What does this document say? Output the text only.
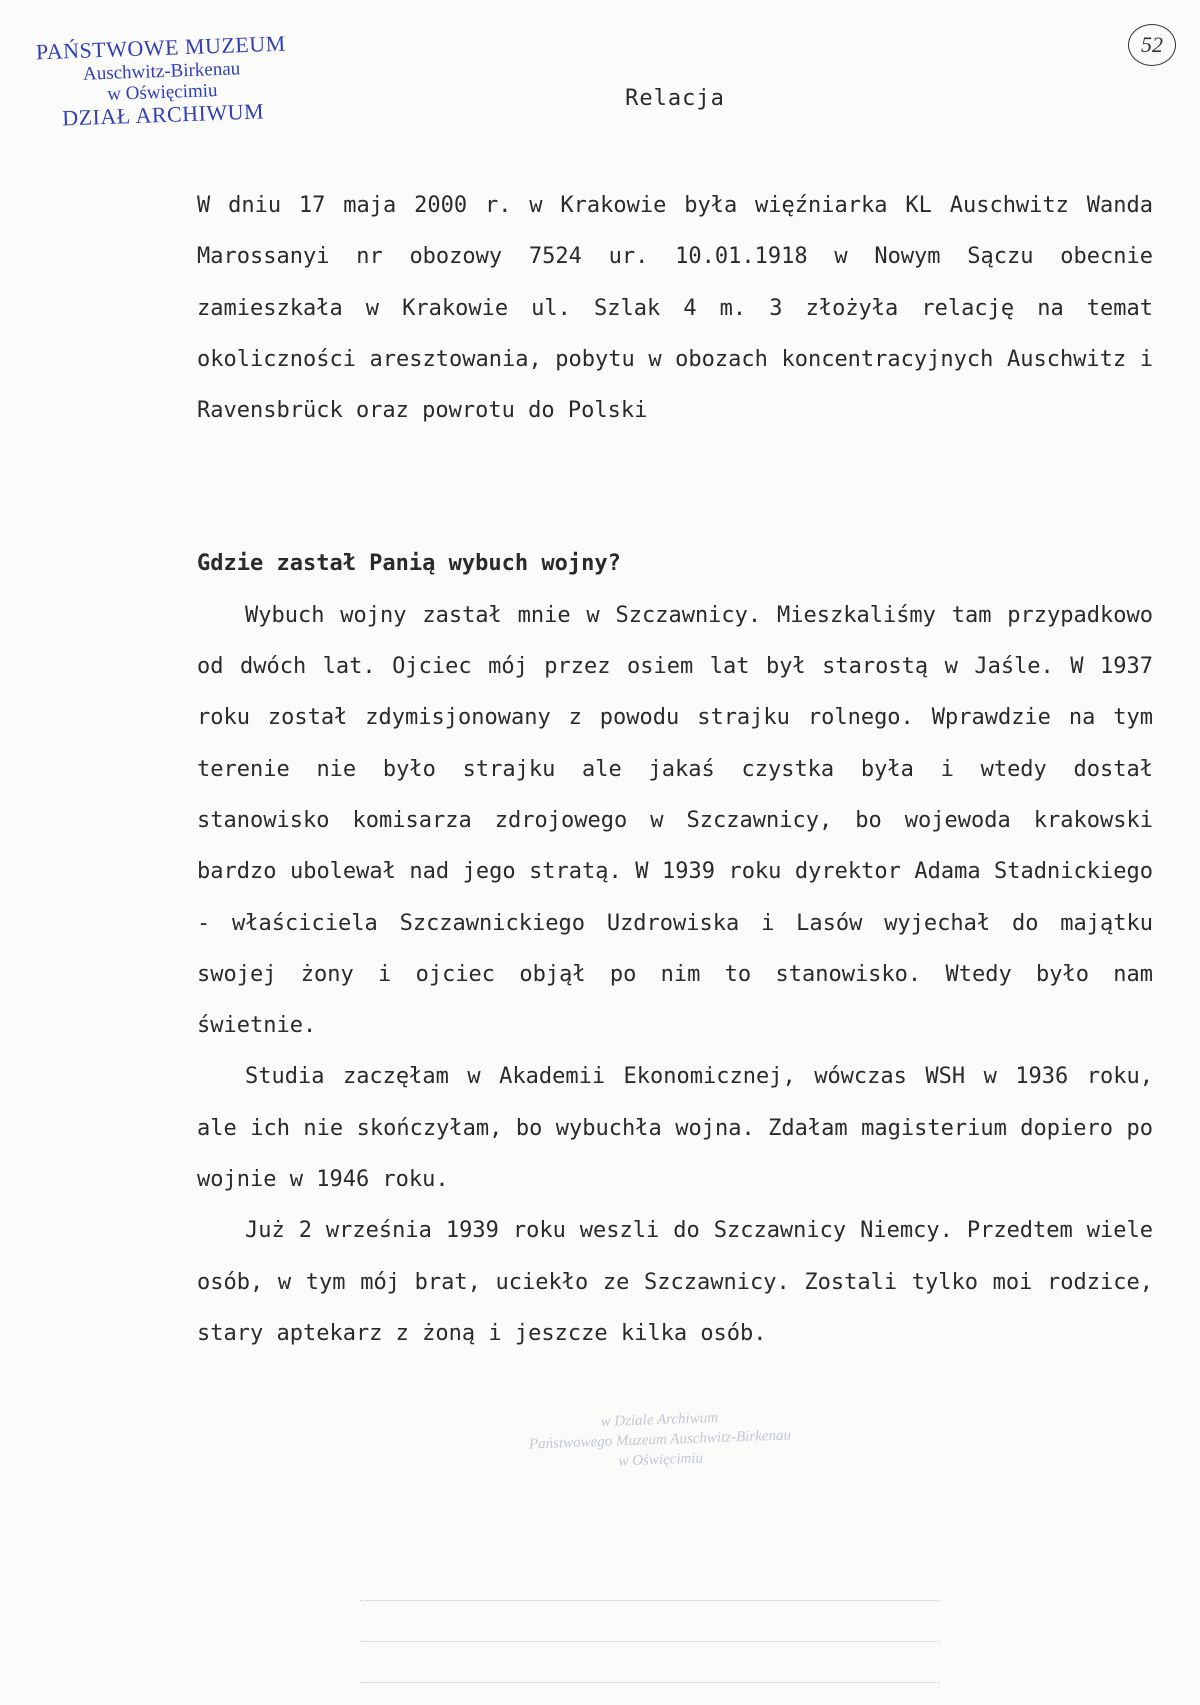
PAŃSTWOWE MUZEUM
Auschwitz-Birkenau
w Oświęcimiu
DZIAŁ ARCHIWUM
52
Relacja

W dniu 17 maja 2000 r. w Krakowie była więźniarka KL Auschwitz Wanda Marossanyi nr obozowy 7524 ur. 10.01.1918 w Nowym Sączu obecnie zamieszkała w Krakowie ul. Szlak 4 m. 3 złożyła relację na temat okoliczności aresztowania, pobytu w obozach koncentracyjnych Auschwitz i Ravensbrück oraz powrotu do Polski

Gdzie zastał Panią wybuch wojny?

Wybuch wojny zastał mnie w Szczawnicy. Mieszkaliśmy tam przypadkowo od dwóch lat. Ojciec mój przez osiem lat był starostą w Jaśle. W 1937 roku został zdymisjonowany z powodu strajku rolnego. Wprawdzie na tym terenie nie było strajku ale jakaś czystka była i wtedy dostał stanowisko komisarza zdrojowego w Szczawnicy, bo wojewoda krakowski bardzo ubolewał nad jego stratą. W 1939 roku dyrektor Adama Stadnickiego - właściciela Szczawnickiego Uzdrowiska i Lasów wyjechał do majątku swojej żony i ojciec objął po nim to stanowisko. Wtedy było nam świetnie.

Studia zaczęłam w Akademii Ekonomicznej, wówczas WSH w 1936 roku, ale ich nie skończyłam, bo wybuchła wojna. Zdałam magisterium dopiero po wojnie w 1946 roku.

Już 2 września 1939 roku weszli do Szczawnicy Niemcy. Przedtem wiele osób, w tym mój brat, uciekło ze Szczawnicy. Zostali tylko moi rodzice, stary aptekarz z żoną i jeszcze kilka osób.

w Dziale Archiwum
Państwowego Muzeum Auschwitz-Birkenau
w Oświęcimiu
